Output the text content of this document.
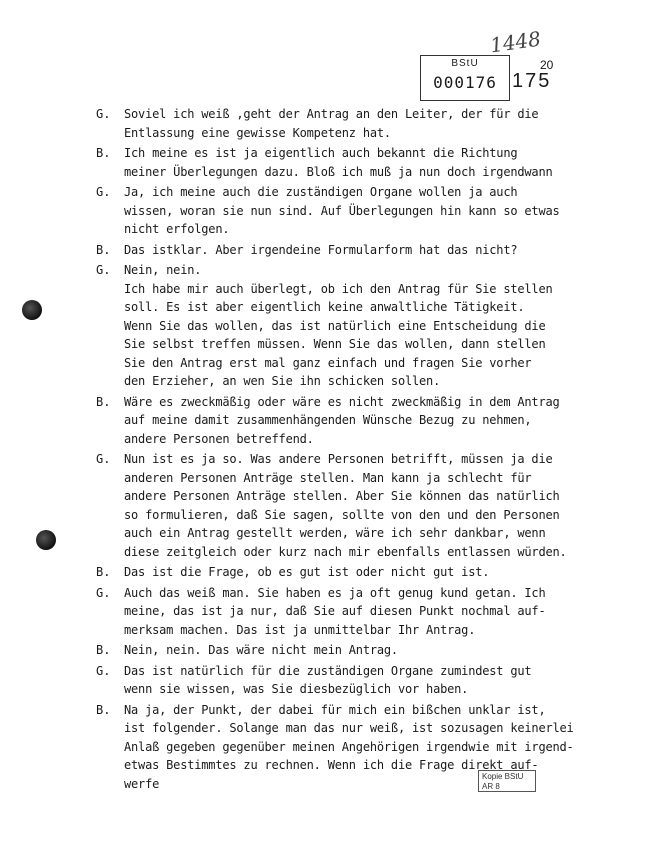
1448
BStU
000176
20
175
G.	Soviel ich weiß ,geht der Antrag an den Leiter, der für die
Entlassung eine gewisse Kompetenz hat.
B.	Ich meine es ist ja eigentlich auch bekannt die Richtung
meiner Überlegungen dazu. Bloß ich muß ja nun doch irgendwann
G.	Ja, ich meine auch die zuständigen Organe wollen ja auch
wissen, woran sie nun sind. Auf Überlegungen hin kann so etwas
nicht erfolgen.
B.	Das istklar. Aber irgendeine Formularform hat das nicht?
G.	Nein, nein.
Ich habe mir auch überlegt, ob ich den Antrag für Sie stellen
soll. Es ist aber eigentlich keine anwaltliche Tätigkeit.
Wenn Sie das wollen, das ist natürlich eine Entscheidung die
Sie selbst treffen müssen. Wenn Sie das wollen, dann stellen
Sie den Antrag erst mal ganz einfach und fragen Sie vorher
den Erzieher, an wen Sie ihn schicken sollen.
B.	Wäre es zweckmäßig oder wäre es nicht zweckmäßig in dem Antrag
auf meine damit zusammenhängenden Wünsche Bezug zu nehmen,
andere Personen betreffend.
G.	Nun ist es ja so. Was andere Personen betrifft, müssen ja die
anderen Personen Anträge stellen. Man kann ja schlecht für
andere Personen Anträge stellen. Aber Sie können das natürlich
so formulieren, daß Sie sagen, sollte von den und den Personen
auch ein Antrag gestellt werden, wäre ich sehr dankbar, wenn
diese zeitgleich oder kurz nach mir ebenfalls entlassen würden.
B.	Das ist die Frage, ob es gut ist oder nicht gut ist.
G.	Auch das weiß man. Sie haben es ja oft genug kund getan. Ich
meine, das ist ja nur, daß Sie auf diesen Punkt nochmal auf-
merksam machen. Das ist ja unmittelbar Ihr Antrag.
B.	Nein, nein. Das wäre nicht mein Antrag.
G.	Das ist natürlich für die zuständigen Organe zumindest gut
wenn sie wissen, was Sie diesbezüglich vor haben.
B.	Na ja, der Punkt, der dabei für mich ein bißchen unklar ist,
ist folgender. Solange man das nur weiß, ist sozusagen keinerlei
Anlaß gegeben gegenüber meinen Angehörigen irgendwie mit irgend-
etwas Bestimmtes zu rechnen. Wenn ich die Frage direkt auf-
werfe	Kopie BStU
AR 8
